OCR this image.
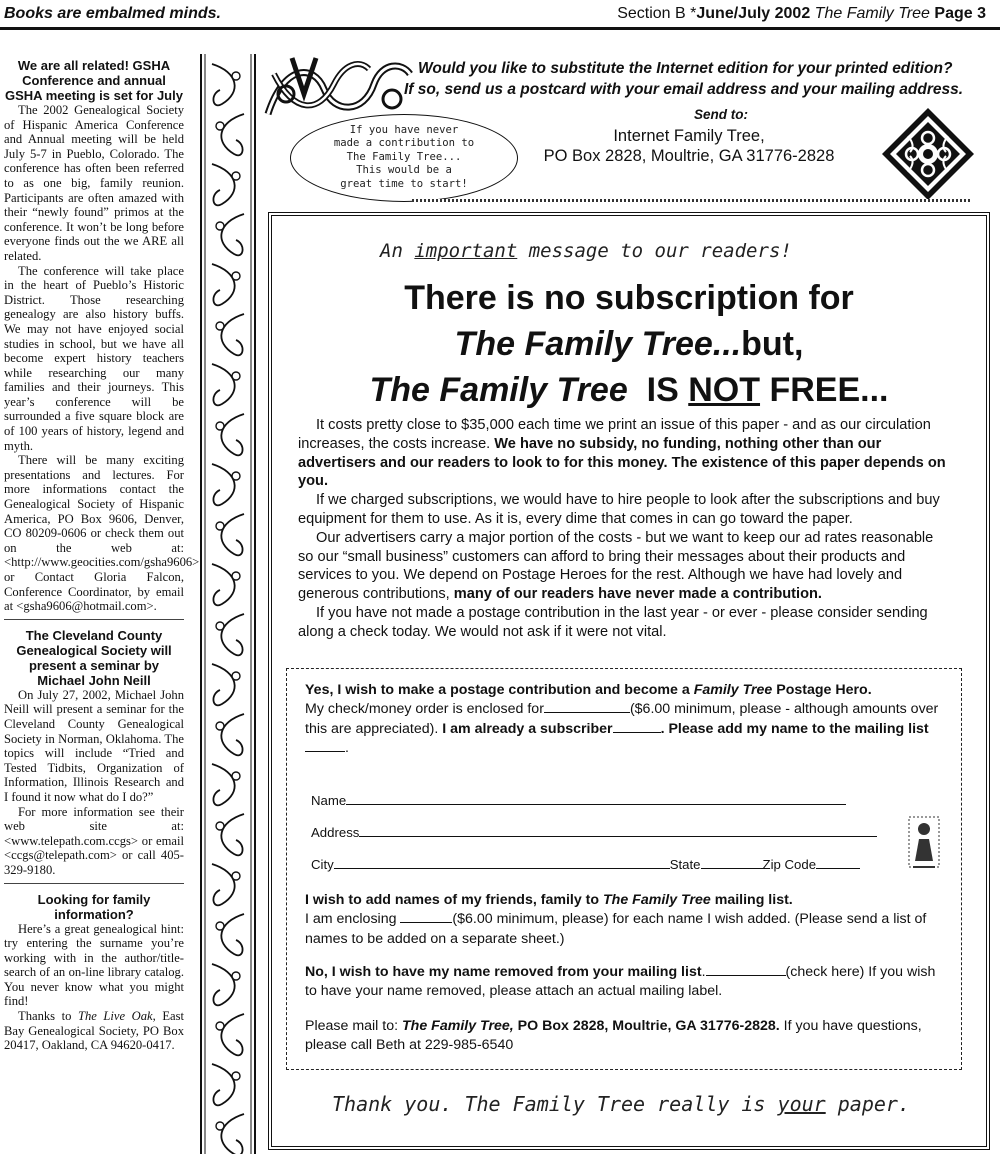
Books are embalmed minds.	Section B *June/July 2002 The Family Tree Page 3
We are all related! GSHA Conference and annual GSHA meeting is set for July

The 2002 Genealogical Society of Hispanic America Conference and Annual meeting will be held July 5-7 in Pueblo, Colorado. The conference has often been referred to as one big, family reunion. Participants are often amazed with their “newly found” primos at the conference. It won’t be long before everyone finds out the we ARE all related.

The conference will take place in the heart of Pueblo’s Historic District. Those researching genealogy are also history buffs. We may not have enjoyed social studies in school, but we have all become expert history teachers while researching our many families and their journeys. This year’s conference will be surrounded a five square block are of 100 years of history, legend and myth.

There will be many exciting presentations and lectures. For more informations contact the Genealogical Society of Hispanic America, PO Box 9606, Denver, CO 80209-0606 or check them out on the web at:<http://www.geocities.com/gsha9606> or Contact Gloria Falcon, Conference Coordinator, by email at <gsha9606@hotmail.com>.

The Cleveland County Genealogical Society will present a seminar by Michael John Neill

On July 27, 2002, Michael John Neill will present a seminar for the Cleveland County Genealogical Society in Norman, Oklahoma. The topics will include “Tried and Tested Tidbits, Organization of Information, Illinois Research and I found it now what do I do?”

For more information see their web site at: <www.telepath.com.ccgs> or email <ccgs@telepath.com> or call 405-329-9180.

Looking for family information?

Here’s a great genealogical hint: try entering the surname you’re working with in the author/title-search of an on-line library catalog. You never know what you might find!

Thanks to The Live Oak, East Bay Genealogical Society, PO Box 20417, Oakland, CA 94620-0417.

Would you like to substitute the Internet edition for your printed edition?
If so, send us a postcard with your email address and your mailing address.
Send to:
Internet Family Tree,
PO Box 2828, Moultrie, GA 31776-2828
If you have never
made a contribution to
The Family Tree...
This would be a
great time to start!
An important message to our readers!
There is no subscription for
The Family Tree...but,
The Family Tree IS NOT FREE...

It costs pretty close to $35,000 each time we print an issue of this paper - and as our circulation increases, the costs increase. We have no subsidy, no funding, nothing other than our advertisers and our readers to look to for this money. The existence of this paper depends on you.

If we charged subscriptions, we would have to hire people to look after the subscriptions and buy equipment for them to use. As it is, every dime that comes in can go toward the paper.

Our advertisers carry a major portion of the costs - but we want to keep our ad rates reasonable so our “small business” customers can afford to bring their messages about their products and services to you. We depend on Postage Heroes for the rest. Although we have had lovely and generous contributions, many of our readers have never made a contribution.

If you have not made a postage contribution in the last year - or ever - please consider sending along a check today. We would not ask if it were not vital.

Yes, I wish to make a postage contribution and become a Family Tree Postage Hero.
My check/money order is enclosed for	($6.00 minimum, please - although amounts over this are appreciated). I am already a subscriber	. Please add my name to the mailing list.
Name
Address
City	State	Zip Code
I wish to add names of my friends, family to The Family Tree mailing list.
I am enclosing	($6.00 minimum, please) for each name I wish added. (Please send a list of names to be added on a separate sheet.)
No, I wish to have my name removed from your mailing list.	(check here) If you wish to have your name removed, please attach an actual mailing label.
Please mail to: The Family Tree, PO Box 2828, Moultrie, GA 31776-2828. If you have questions, please call Beth at 229-985-6540
Thank you. The Family Tree really is your paper.
